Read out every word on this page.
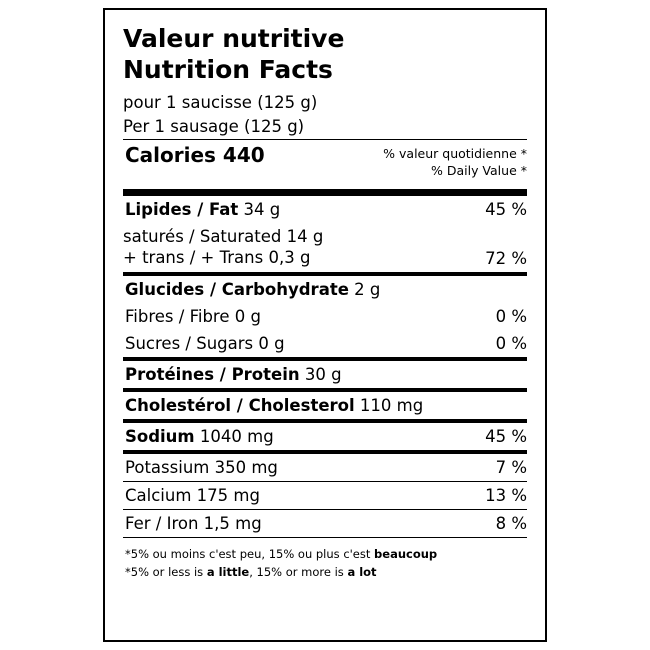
Valeur nutritive
Nutrition Facts
pour 1 saucisse (125 g)
Per 1 sausage (125 g)
Calories 440	% valeur quotidienne *
% Daily Value *
Lipides / Fat 34 g	45 %
saturés / Saturated 14 g
+ trans / + Trans 0,3 g	72 %
Glucides / Carbohydrate 2 g
Fibres / Fibre 0 g	0 %
Sucres / Sugars 0 g	0 %
Protéines / Protein 30 g
Cholestérol / Cholesterol 110 mg
Sodium 1040 mg	45 %
Potassium 350 mg	7 %
Calcium 175 mg	13 %
Fer / Iron 1,5 mg	8 %
*5% ou moins c'est peu, 15% ou plus c'est beaucoup
*5% or less is a little, 15% or more is a lot
